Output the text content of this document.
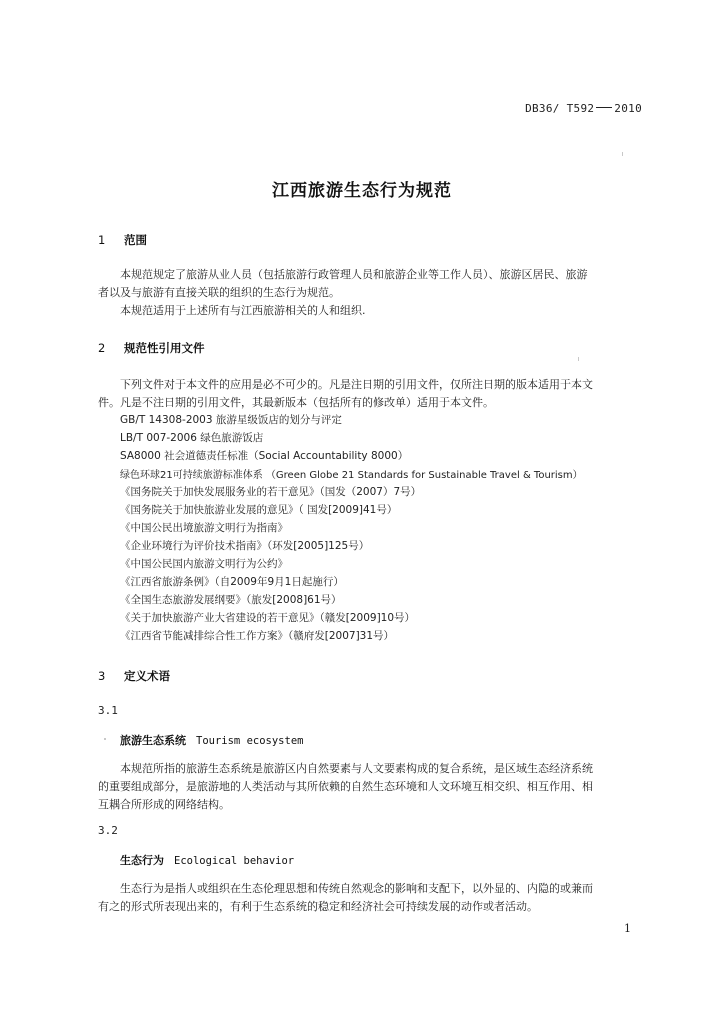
DB36/ T592 2010
江西旅游生态行为规范
1 范围
本规范规定了旅游从业人员（包括旅游行政管理人员和旅游企业等工作人员）、旅游区居民、旅游
者以及与旅游有直接关联的组织的生态行为规范。
本规范适用于上述所有与江西旅游相关的人和组织.
2 规范性引用文件
下列文件对于本文件的应用是必不可少的。凡是注日期的引用文件，仅所注日期的版本适用于本文
件。凡是不注日期的引用文件，其最新版本（包括所有的修改单）适用于本文件。
GB/T 14308-2003 旅游星级饭店的划分与评定
LB/T 007-2006 绿色旅游饭店
SA8000 社会道德责任标准（Social Accountability 8000）
绿色环球21可持续旅游标准体系 （Green Globe 21 Standards for Sustainable Travel & Tourism）
《国务院关于加快发展服务业的若干意见》（国发（2007）7号）
《国务院关于加快旅游业发展的意见》（ 国发[2009]41号）
《中国公民出境旅游文明行为指南》
《企业环境行为评价技术指南》（环发[2005]125号）
《中国公民国内旅游文明行为公约》
《江西省旅游条例》（自2009年9月1日起施行）
《全国生态旅游发展纲要》（旅发[2008]61号）
《关于加快旅游产业大省建设的若干意见》（赣发[2009]10号）
《江西省节能减排综合性工作方案》（赣府发[2007]31号）
3 定义术语
3.1
旅游生态系统 Tourism ecosystem
本规范所指的旅游生态系统是旅游区内自然要素与人文要素构成的复合系统，是区域生态经济系统
的重要组成部分，是旅游地的人类活动与其所依赖的自然生态环境和人文环境互相交织、相互作用、相
互耦合所形成的网络结构。
3.2
生态行为 Ecological behavior
生态行为是指人或组织在生态伦理思想和传统自然观念的影响和支配下，以外显的、内隐的或兼而
有之的形式所表现出来的，有利于生态系统的稳定和经济社会可持续发展的动作或者活动。
1
